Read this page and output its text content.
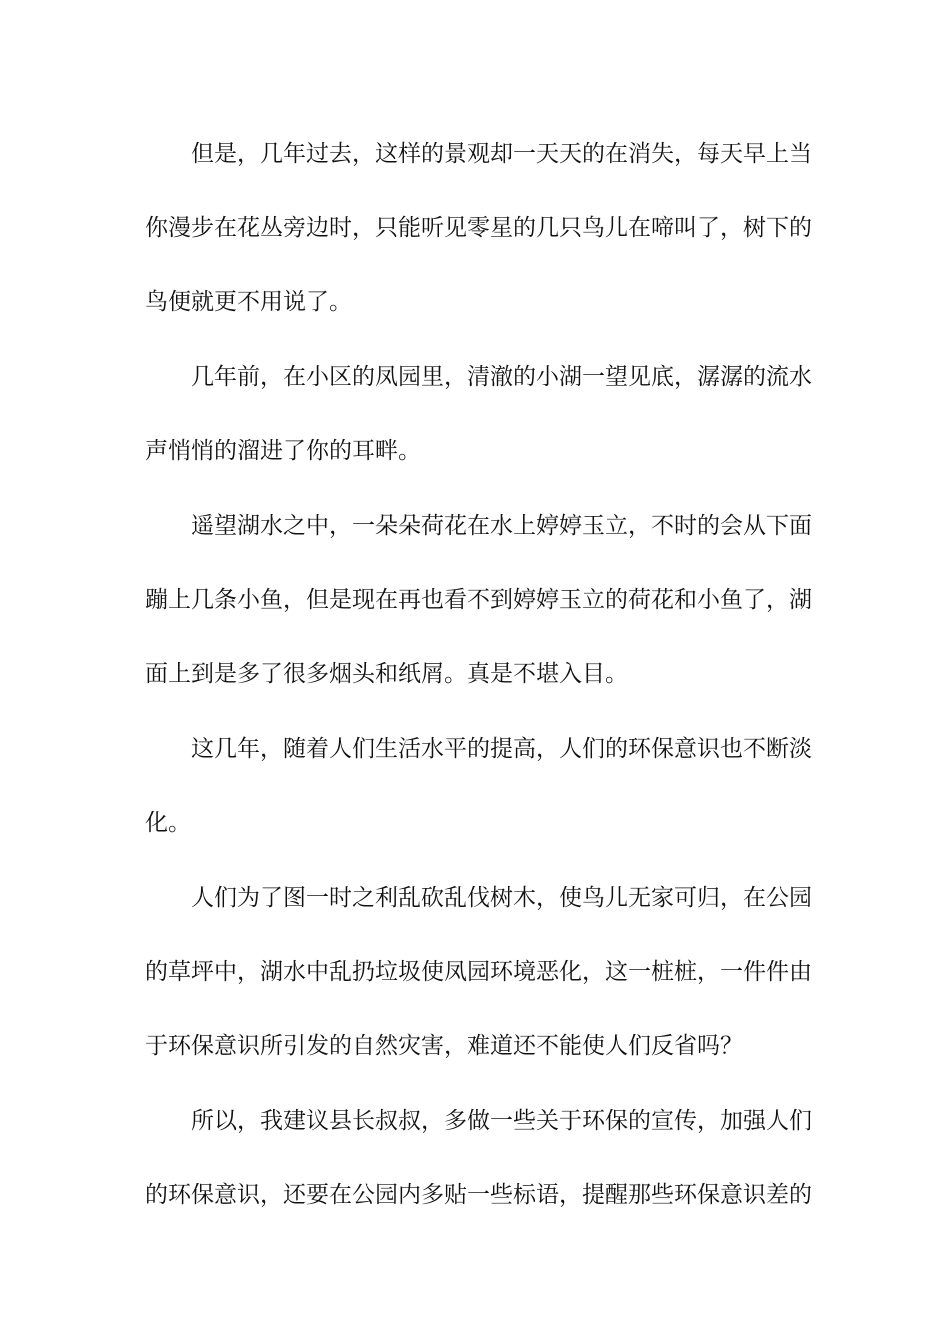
但是，几年过去，这样的景观却一天天的在消失，每天早上当

你漫步在花丛旁边时，只能听见零星的几只鸟儿在啼叫了，树下的

鸟便就更不用说了。

几年前，在小区的凤园里，清澈的小湖一望见底，潺潺的流水

声悄悄的溜进了你的耳畔。

遥望湖水之中，一朵朵荷花在水上婷婷玉立，不时的会从下面

蹦上几条小鱼，但是现在再也看不到婷婷玉立的荷花和小鱼了，湖

面上到是多了很多烟头和纸屑。真是不堪入目。

这几年，随着人们生活水平的提高，人们的环保意识也不断淡

化。

人们为了图一时之利乱砍乱伐树木，使鸟儿无家可归，在公园

的草坪中，湖水中乱扔垃圾使凤园环境恶化，这一桩桩，一件件由

于环保意识所引发的自然灾害，难道还不能使人们反省吗？

所以，我建议县长叔叔，多做一些关于环保的宣传，加强人们

的环保意识，还要在公园内多贴一些标语，提醒那些环保意识差的
